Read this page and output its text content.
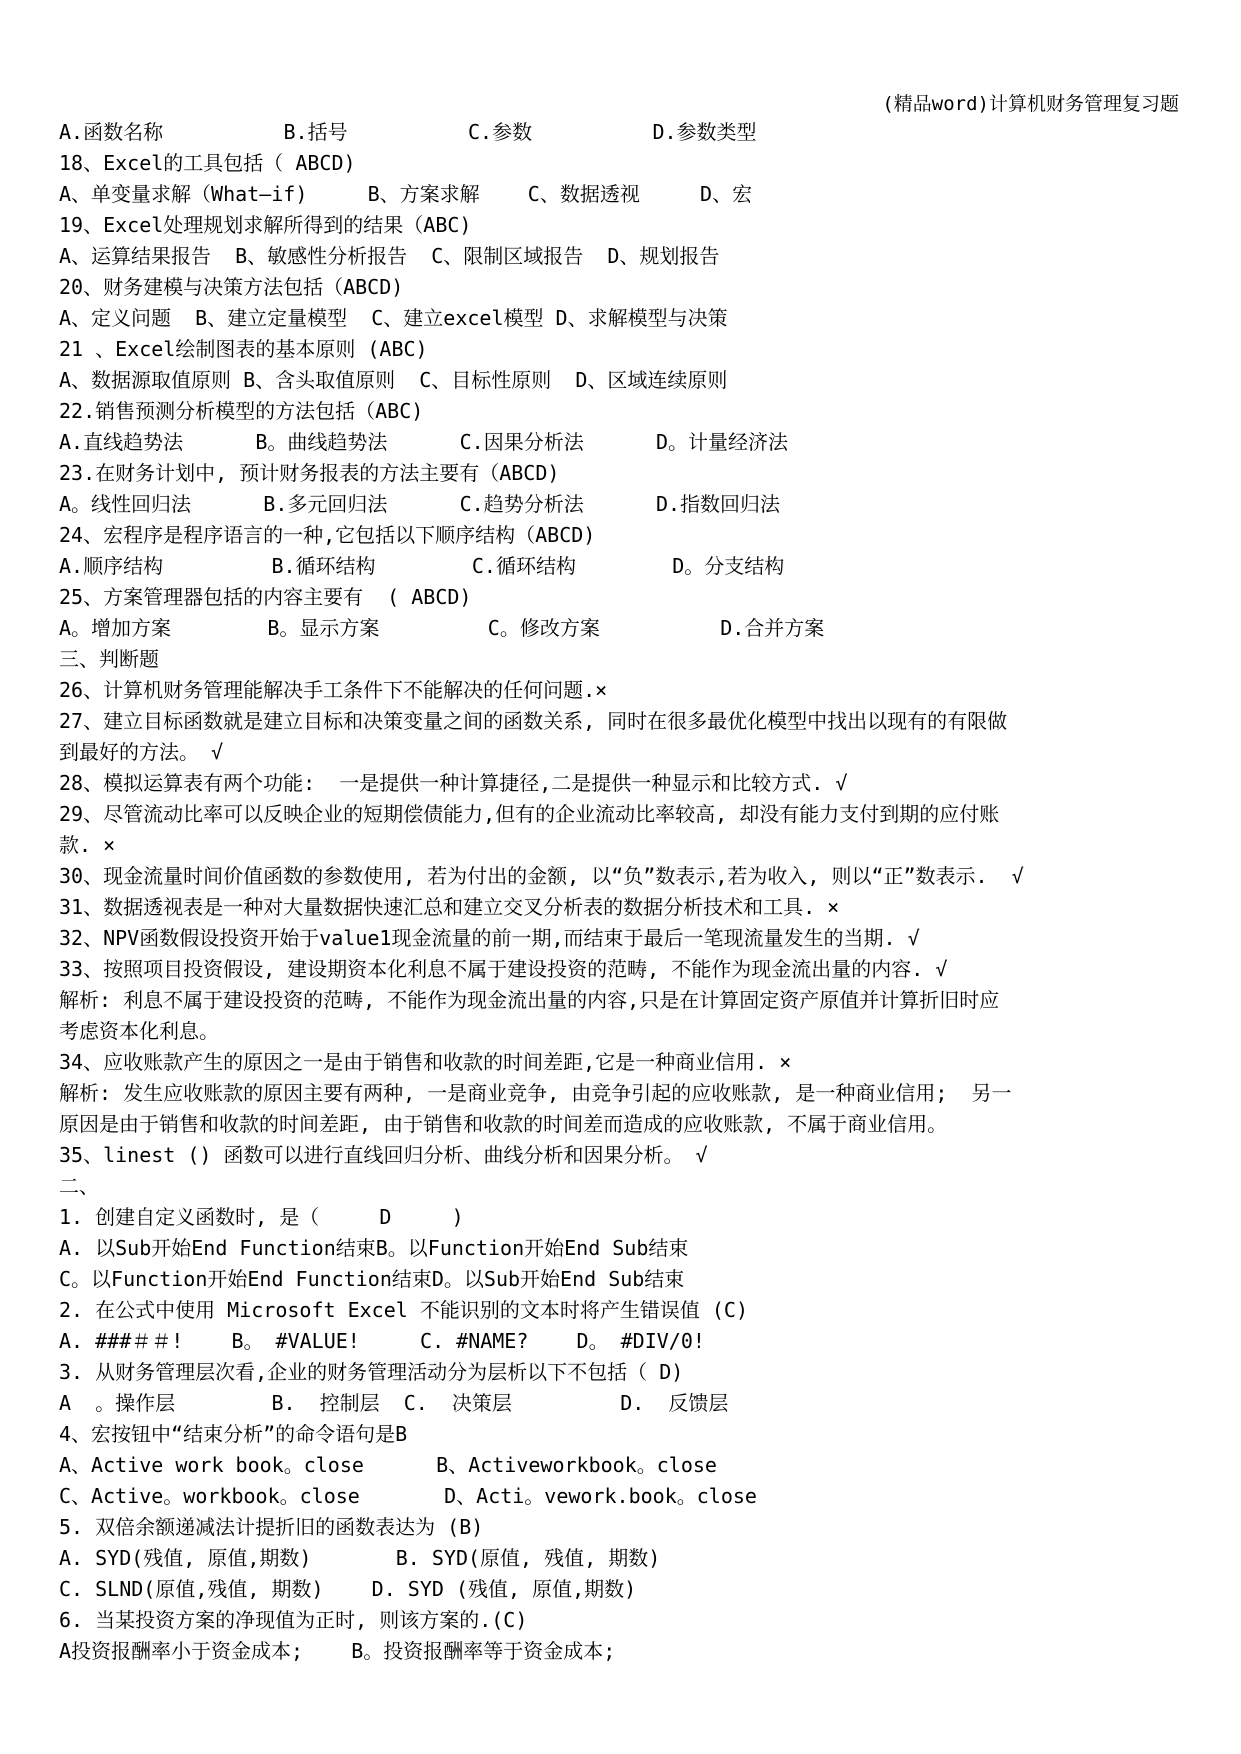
(精品word)计算机财务管理复习题
A.函数名称          B.括号          C.参数          D.参数类型
18、Excel的工具包括（ ABCD)
A、单变量求解（What—if)     B、方案求解    C、数据透视     D、宏
19、Excel处理规划求解所得到的结果（ABC)
A、运算结果报告  B、敏感性分析报告  C、限制区域报告  D、规划报告
20、财务建模与决策方法包括（ABCD)
A、定义问题  B、建立定量模型  C、建立excel模型 D、求解模型与决策
21 、Excel绘制图表的基本原则 (ABC)
A、数据源取值原则 B、含头取值原则  C、目标性原则  D、区域连续原则
22.销售预测分析模型的方法包括（ABC)
A.直线趋势法      B。曲线趋势法      C.因果分析法      D。计量经济法
23.在财务计划中, 预计财务报表的方法主要有（ABCD)
A。线性回归法      B.多元回归法      C.趋势分析法      D.指数回归法
24、宏程序是程序语言的一种,它包括以下顺序结构（ABCD)
A.顺序结构         B.循环结构        C.循环结构        D。分支结构
25、方案管理器包括的内容主要有  ( ABCD)
A。增加方案        B。显示方案         C。修改方案          D.合并方案
三、判断题
26、计算机财务管理能解决手工条件下不能解决的任何问题.×
27、建立目标函数就是建立目标和决策变量之间的函数关系, 同时在很多最优化模型中找出以现有的有限做
到最好的方法。 √
28、模拟运算表有两个功能:  一是提供一种计算捷径,二是提供一种显示和比较方式. √
29、尽管流动比率可以反映企业的短期偿债能力,但有的企业流动比率较高, 却没有能力支付到期的应付账
款. ×
30、现金流量时间价值函数的参数使用, 若为付出的金额, 以“负”数表示,若为收入, 则以“正”数表示.  √
31、数据透视表是一种对大量数据快速汇总和建立交叉分析表的数据分析技术和工具. ×
32、NPV函数假设投资开始于value1现金流量的前一期,而结束于最后一笔现流量发生的当期. √
33、按照项目投资假设, 建设期资本化利息不属于建设投资的范畴, 不能作为现金流出量的内容. √
解析: 利息不属于建设投资的范畴, 不能作为现金流出量的内容,只是在计算固定资产原值并计算折旧时应
考虑资本化利息。
34、应收账款产生的原因之一是由于销售和收款的时间差距,它是一种商业信用. ×
解析: 发生应收账款的原因主要有两种, 一是商业竞争, 由竞争引起的应收账款, 是一种商业信用;  另一
原因是由于销售和收款的时间差距, 由于销售和收款的时间差而造成的应收账款, 不属于商业信用。
35、linest () 函数可以进行直线回归分析、曲线分析和因果分析。 √
二、
1. 创建自定义函数时, 是（     D     )
A. 以Sub开始End Function结束B。以Function开始End Sub结束
C。以Function开始End Function结束D。以Sub开始End Sub结束
2. 在公式中使用 Microsoft Excel 不能识别的文本时将产生错误值 (C)
A. ###＃＃!    B。 #VALUE!     C. #NAME?    D。 #DIV/0!
3. 从财务管理层次看,企业的财务管理活动分为层析以下不包括（ D)
A  。操作层        B.  控制层  C.  决策层         D.  反馈层
4、宏按钮中“结束分析”的命令语句是B
A、Active work book。close      B、Activeworkbook。close
C、Active。workbook。close       D、Acti。vework.book。close
5. 双倍余额递减法计提折旧的函数表达为 (B)
A. SYD(残值, 原值,期数)       B. SYD(原值, 残值, 期数)
C. SLND(原值,残值, 期数)    D. SYD (残值, 原值,期数)
6. 当某投资方案的净现值为正时, 则该方案的.(C)
A投资报酬率小于资金成本;    B。投资报酬率等于资金成本;
